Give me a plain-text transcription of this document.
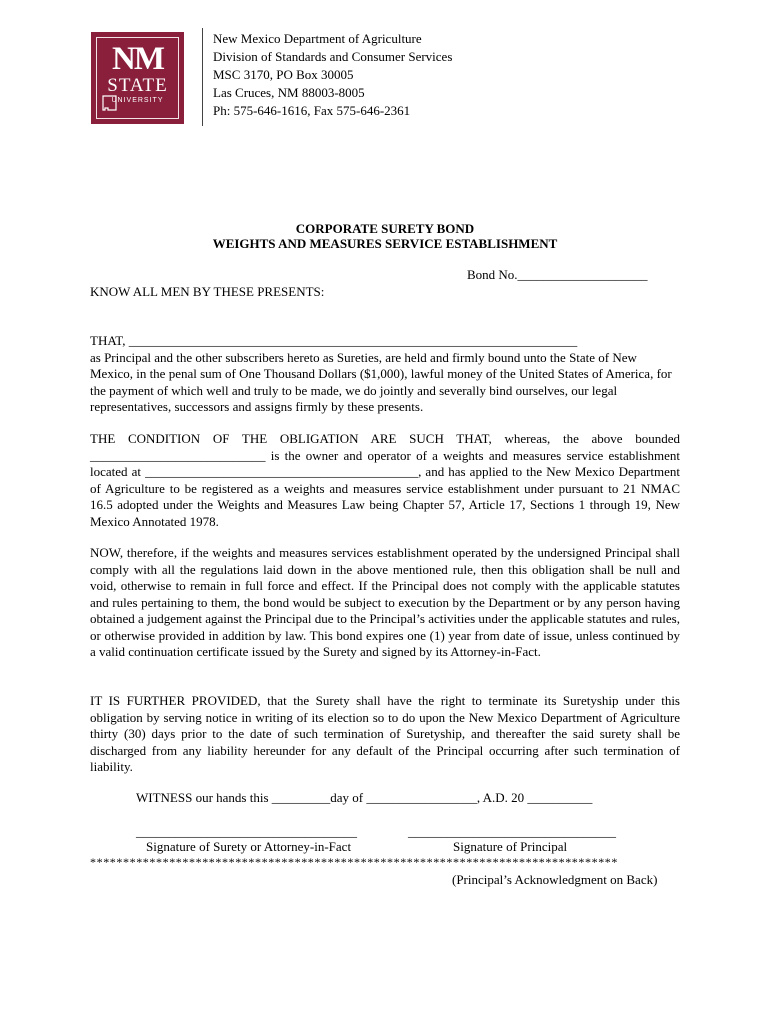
NM
STATE
UNIVERSITY
New Mexico Department of Agriculture
Division of Standards and Consumer Services
MSC 3170, PO Box 30005
Las Cruces, NM 88003-8005
Ph: 575-646-1616, Fax 575-646-2361
CORPORATE SURETY BOND
WEIGHTS AND MEASURES SERVICE ESTABLISHMENT
Bond No.____________________
KNOW ALL MEN BY THESE PRESENTS:
THAT, _____________________________________________________________________
as Principal and the other subscribers hereto as Sureties, are held and firmly bound unto the State of New Mexico, in the penal sum of One Thousand Dollars ($1,000), lawful money of the United States of America, for the payment of which well and truly to be made, we do jointly and severally bind ourselves, our legal representatives, successors and assigns firmly by these presents.

THE CONDITION OF THE OBLIGATION ARE SUCH THAT, whereas, the above bounded ___________________________ is the owner and operator of a weights and measures service establishment located at __________________________________________, and has applied to the New Mexico Department of Agriculture to be registered as a weights and measures service establishment under pursuant to 21 NMAC 16.5 adopted under the Weights and Measures Law being Chapter 57, Article 17, Sections 1 through 19, New Mexico Annotated 1978.

NOW, therefore, if the weights and measures services establishment operated by the undersigned Principal shall comply with all the regulations laid down in the above mentioned rule, then this obligation shall be null and void, otherwise to remain in full force and effect. If the Principal does not comply with the applicable statutes and rules pertaining to them, the bond would be subject to execution by the Department or by any person having obtained a judgement against the Principal due to the Principal’s activities under the applicable statutes and rules, or otherwise provided in addition by law. This bond expires one (1) year from date of issue, unless continued by a valid continuation certificate issued by the Surety and signed by its Attorney-in-Fact.

IT IS FURTHER PROVIDED, that the Surety shall have the right to terminate its Suretyship under this obligation by serving notice in writing of its election so to do upon the New Mexico Department of Agriculture thirty (30) days prior to the date of such termination of Suretyship, and thereafter the said surety shall be discharged from any liability hereunder for any default of the Principal occurring after such termination of liability.

WITNESS our hands this _________day of _________________, A.D. 20 __________
__________________________________	________________________________
Signature of Surety or Attorney-in-Fact	Signature of Principal
********************************************************************************
(Principal’s Acknowledgment on Back)
